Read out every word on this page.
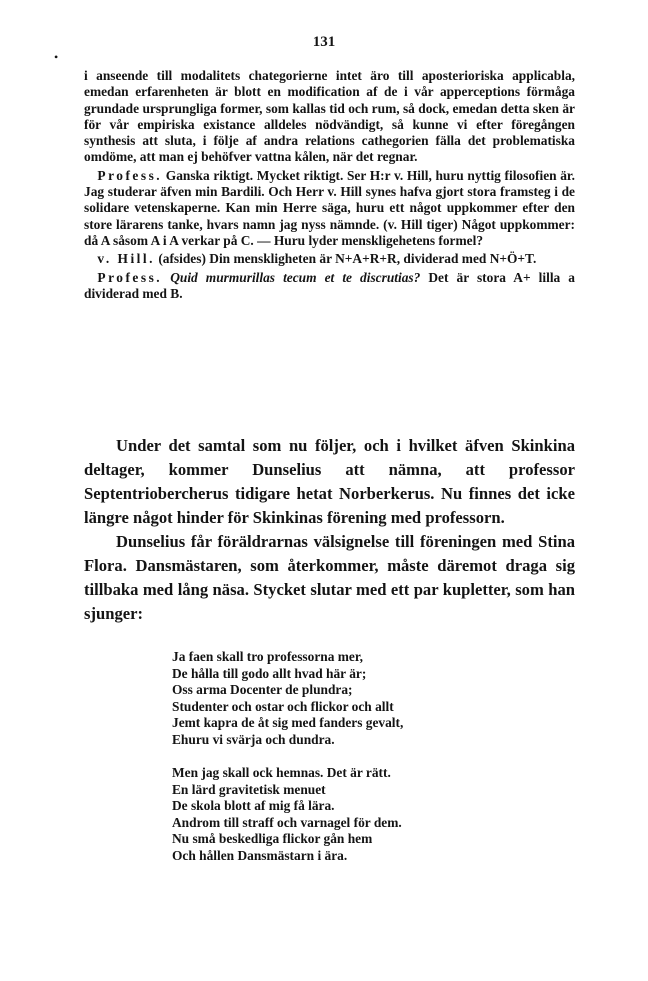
131
•

i anseende till modalitets chategorierne intet äro till aposterioriska applicabla, emedan erfarenheten är blott en modification af de i vår apperceptions förmåga grundade ursprungliga former, som kallas tid och rum, så dock, emedan detta sken är för vår empiriska existance alldeles nödvändigt, så kunne vi efter föregången synthesis att sluta, i följe af andra relations cathegorien fälla det problematiska omdöme, att man ej behöfver vattna kålen, när det regnar.

 Profess. Ganska riktigt. Mycket riktigt. Ser H:r v. Hill, huru nyttig filosofien är. Jag studerar äfven min Bardili. Och Herr v. Hill synes hafva gjort stora framsteg i de solidare vetenskaperne. Kan min Herre säga, huru ett något uppkommer efter den store lärarens tanke, hvars namn jag nyss nämnde. (v. Hill tiger) Något uppkommer: då A såsom A i A verkar på C. — Huru lyder menskligehetens formel?

 v. Hill. (afsides) Din menskligheten är N+A+R+R, dividerad med N+Ö+T.

 Profess. Quid murmurillas tecum et te discrutias? Det är stora A+ lilla a dividerad med B.

Under det samtal som nu följer, och i hvilket äfven Skinkina deltager, kommer Dunselius att nämna, att professor Septentriobercherus tidigare hetat Norberkerus. Nu finnes det icke längre något hinder för Skinkinas förening med professorn.

Dunselius får föräldrarnas välsignelse till föreningen med Stina Flora. Dansmästaren, som återkommer, måste däremot draga sig tillbaka med lång näsa. Stycket slutar med ett par kupletter, som han sjunger:

Ja faen skall tro professorna mer,
De hålla till godo allt hvad här är;
Oss arma Docenter de plundra;
Studenter och ostar och flickor och allt
Jemt kapra de åt sig med fanders gevalt,
Ehuru vi svärja och dundra.
Men jag skall ock hemnas. Det är rätt.
En lärd gravitetisk menuet
De skola blott af mig få lära.
Androm till straff och varnagel för dem.
Nu små beskedliga flickor gån hem
Och hållen Dansmästarn i ära.
